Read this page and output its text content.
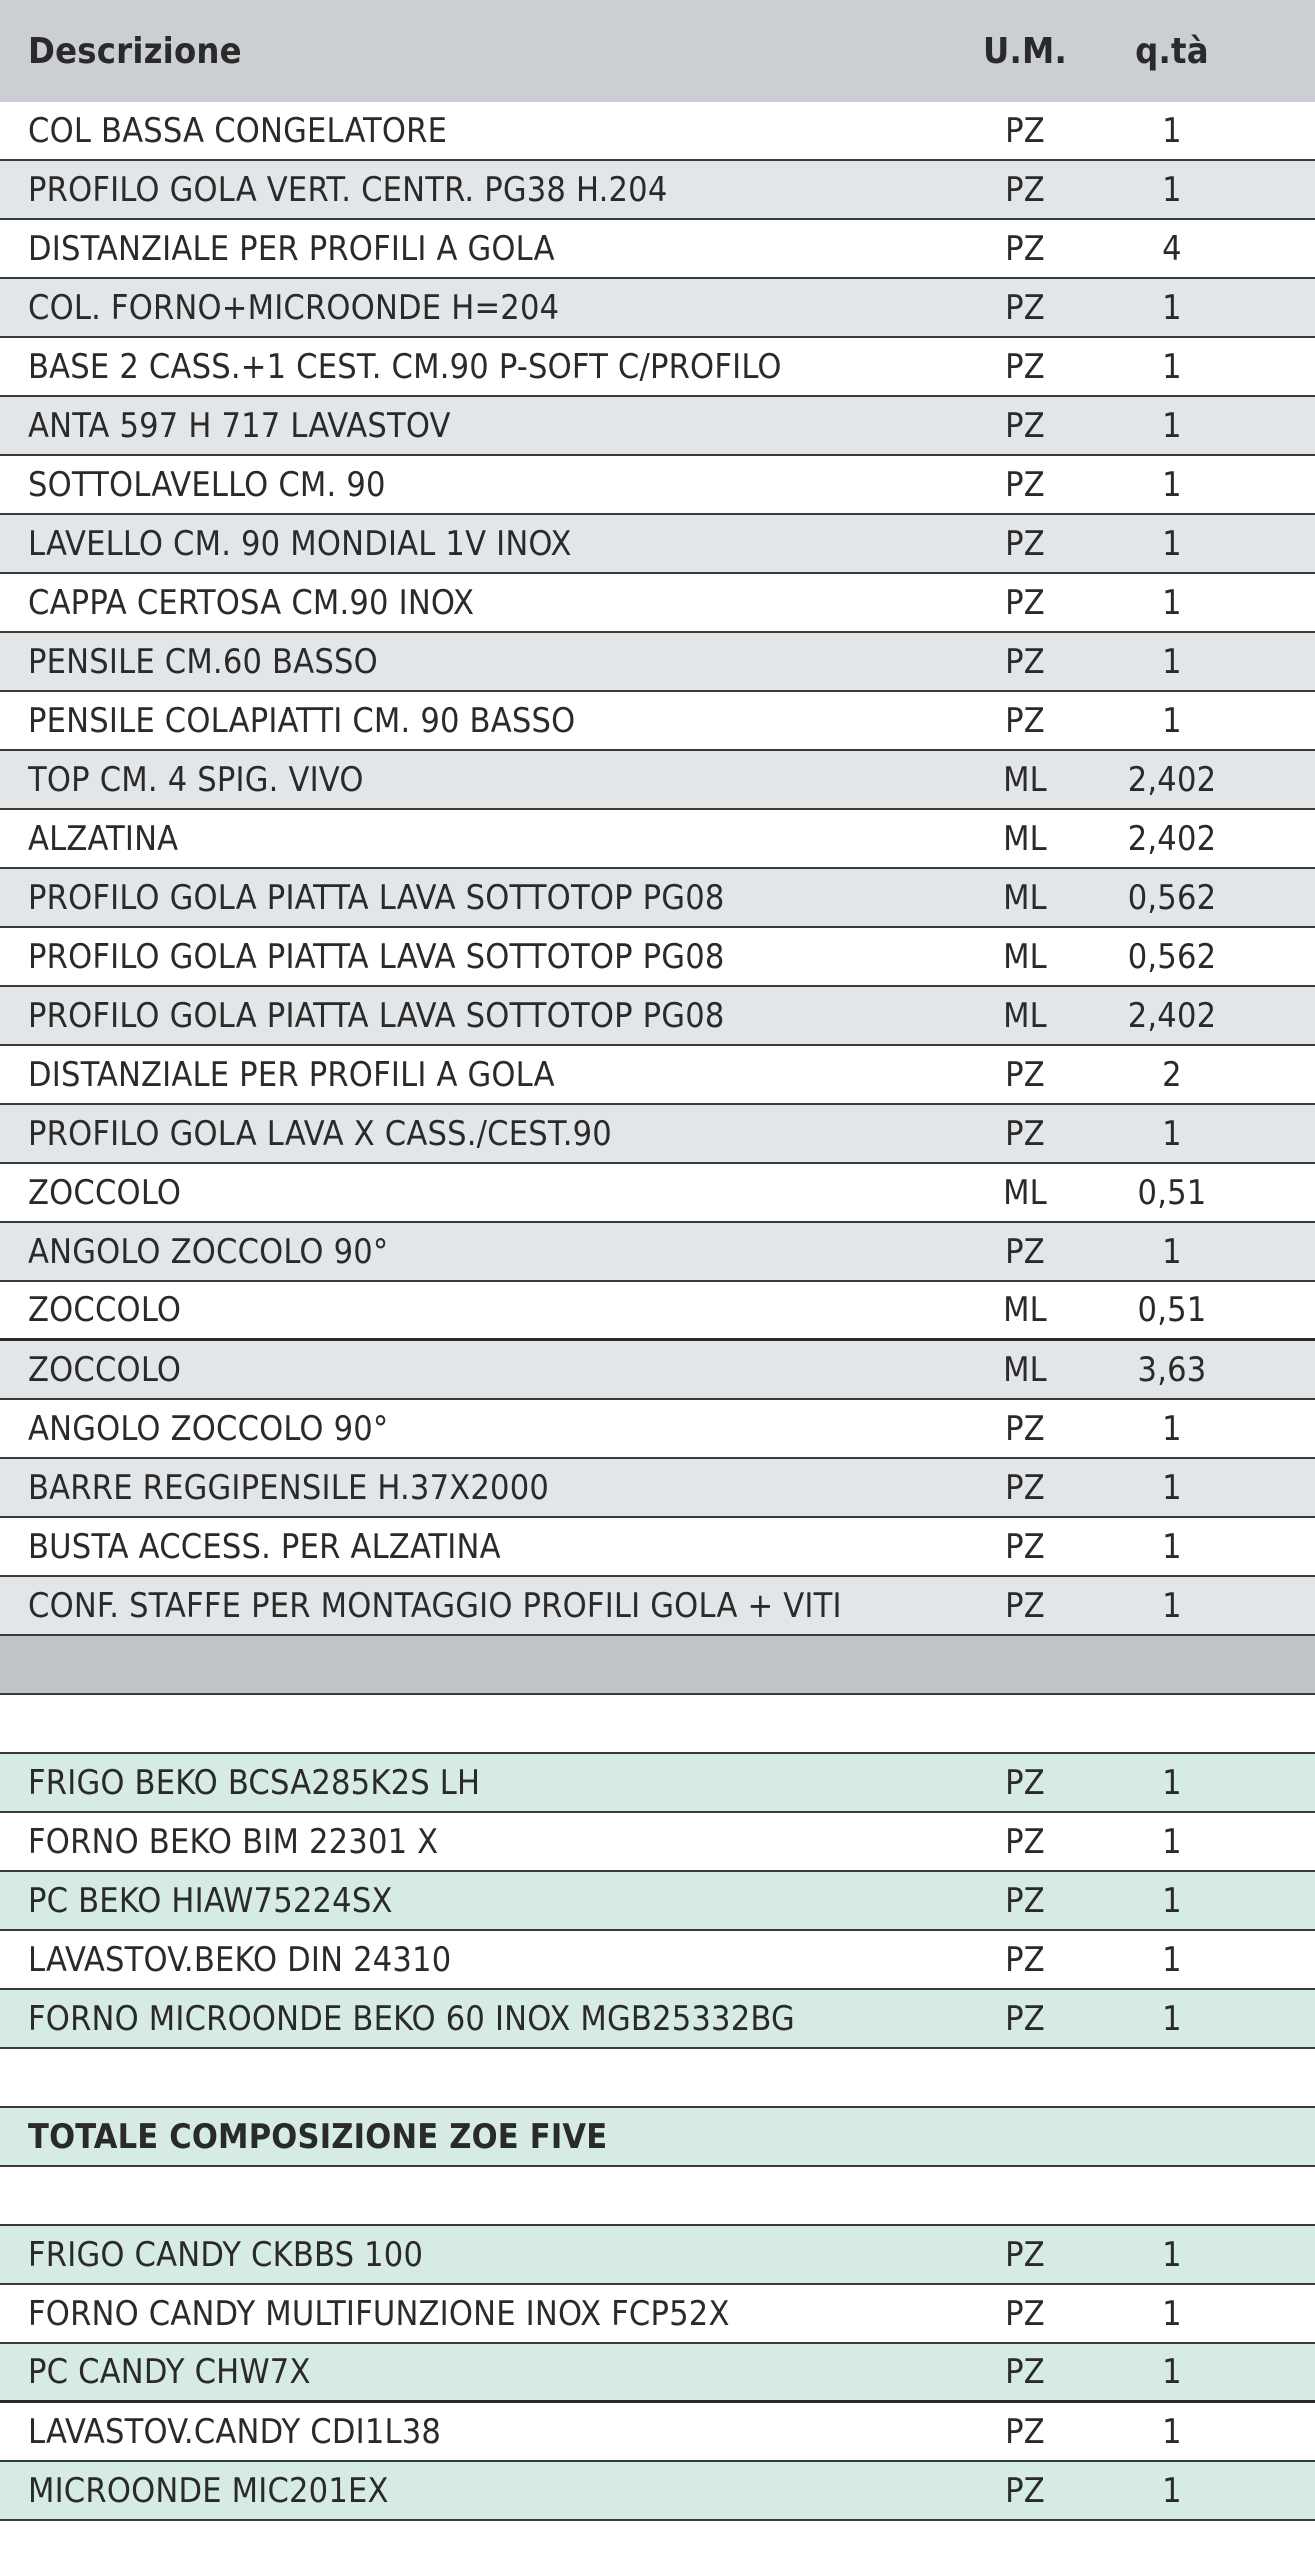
Descrizione	U.M.	q.tà
COL BASSA CONGELATORE	PZ	1
PROFILO GOLA VERT. CENTR. PG38 H.204	PZ	1
DISTANZIALE PER PROFILI A GOLA	PZ	4
COL. FORNO+MICROONDE H=204	PZ	1
BASE 2 CASS.+1 CEST. CM.90 P-SOFT C/PROFILO	PZ	1
ANTA 597 H 717 LAVASTOV	PZ	1
SOTTOLAVELLO CM. 90	PZ	1
LAVELLO CM. 90 MONDIAL 1V INOX	PZ	1
CAPPA CERTOSA CM.90 INOX	PZ	1
PENSILE CM.60 BASSO	PZ	1
PENSILE COLAPIATTI CM. 90 BASSO	PZ	1
TOP CM. 4 SPIG. VIVO	ML	2,402
ALZATINA	ML	2,402
PROFILO GOLA PIATTA LAVA SOTTOTOP PG08	ML	0,562
PROFILO GOLA PIATTA LAVA SOTTOTOP PG08	ML	0,562
PROFILO GOLA PIATTA LAVA SOTTOTOP PG08	ML	2,402
DISTANZIALE PER PROFILI A GOLA	PZ	2
PROFILO GOLA LAVA X CASS./CEST.90	PZ	1
ZOCCOLO	ML	0,51
ANGOLO ZOCCOLO 90°	PZ	1
ZOCCOLO	ML	0,51
ZOCCOLO	ML	3,63
ANGOLO ZOCCOLO 90°	PZ	1
BARRE REGGIPENSILE H.37X2000	PZ	1
BUSTA ACCESS. PER ALZATINA	PZ	1
CONF. STAFFE PER MONTAGGIO PROFILI GOLA + VITI	PZ	1
FRIGO BEKO BCSA285K2S LH	PZ	1
FORNO BEKO BIM 22301 X	PZ	1
PC BEKO HIAW75224SX	PZ	1
LAVASTOV.BEKO DIN 24310	PZ	1
FORNO MICROONDE BEKO 60 INOX MGB25332BG	PZ	1
TOTALE COMPOSIZIONE ZOE FIVE
FRIGO CANDY CKBBS 100	PZ	1
FORNO CANDY MULTIFUNZIONE INOX FCP52X	PZ	1
PC CANDY CHW7X	PZ	1
LAVASTOV.CANDY CDI1L38	PZ	1
MICROONDE MIC201EX	PZ	1
